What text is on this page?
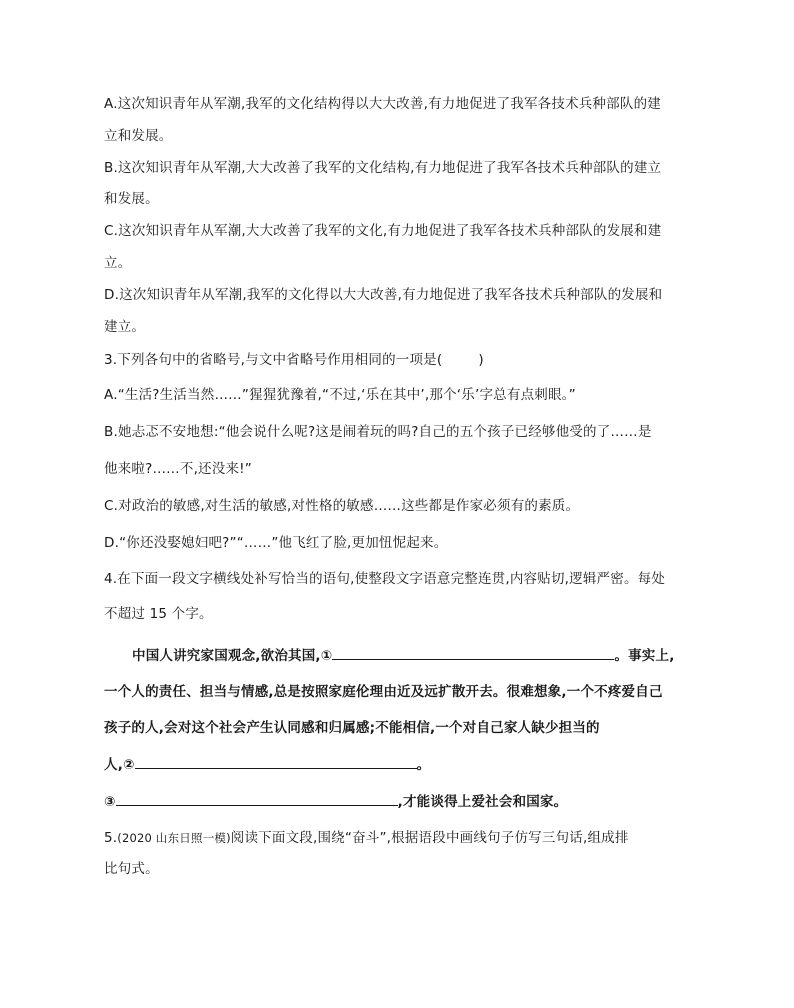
A.这次知识青年从军潮,我军的文化结构得以大大改善,有力地促进了我军各技术兵种部队的建
立和发展。
B.这次知识青年从军潮,大大改善了我军的文化结构,有力地促进了我军各技术兵种部队的建立
和发展。
C.这次知识青年从军潮,大大改善了我军的文化,有力地促进了我军各技术兵种部队的发展和建
立。
D.这次知识青年从军潮,我军的文化得以大大改善,有力地促进了我军各技术兵种部队的发展和
建立。
3.下列各句中的省略号,与文中省略号作用相同的一项是(	)
A.“生活?生活当然……”猩猩犹豫着,“不过,‘乐在其中’,那个‘乐’字总有点刺眼。”
B.她忐忑不安地想:“他会说什么呢?这是闹着玩的吗?自己的五个孩子已经够他受的了……是
他来啦?……不,还没来!”
C.对政治的敏感,对生活的敏感,对性格的敏感……这些都是作家必须有的素质。
D.“你还没娶媳妇吧?”“……”他飞红了脸,更加忸怩起来。
4.在下面一段文字横线处补写恰当的语句,使整段文字语意完整连贯,内容贴切,逻辑严密。每处
不超过 15 个字。
中国人讲究家国观念,欲治其国,①	。事实上,
一个人的责任、担当与情感,总是按照家庭伦理由近及远扩散开去。很难想象,一个不疼爱自己
孩子的人,会对这个社会产生认同感和归属感;不能相信,一个对自己家人缺少担当的
人,②	。
③	,才能谈得上爱社会和国家。
5.(2020 山东日照一模)阅读下面文段,围绕“奋斗”,根据语段中画线句子仿写三句话,组成排
比句式。
